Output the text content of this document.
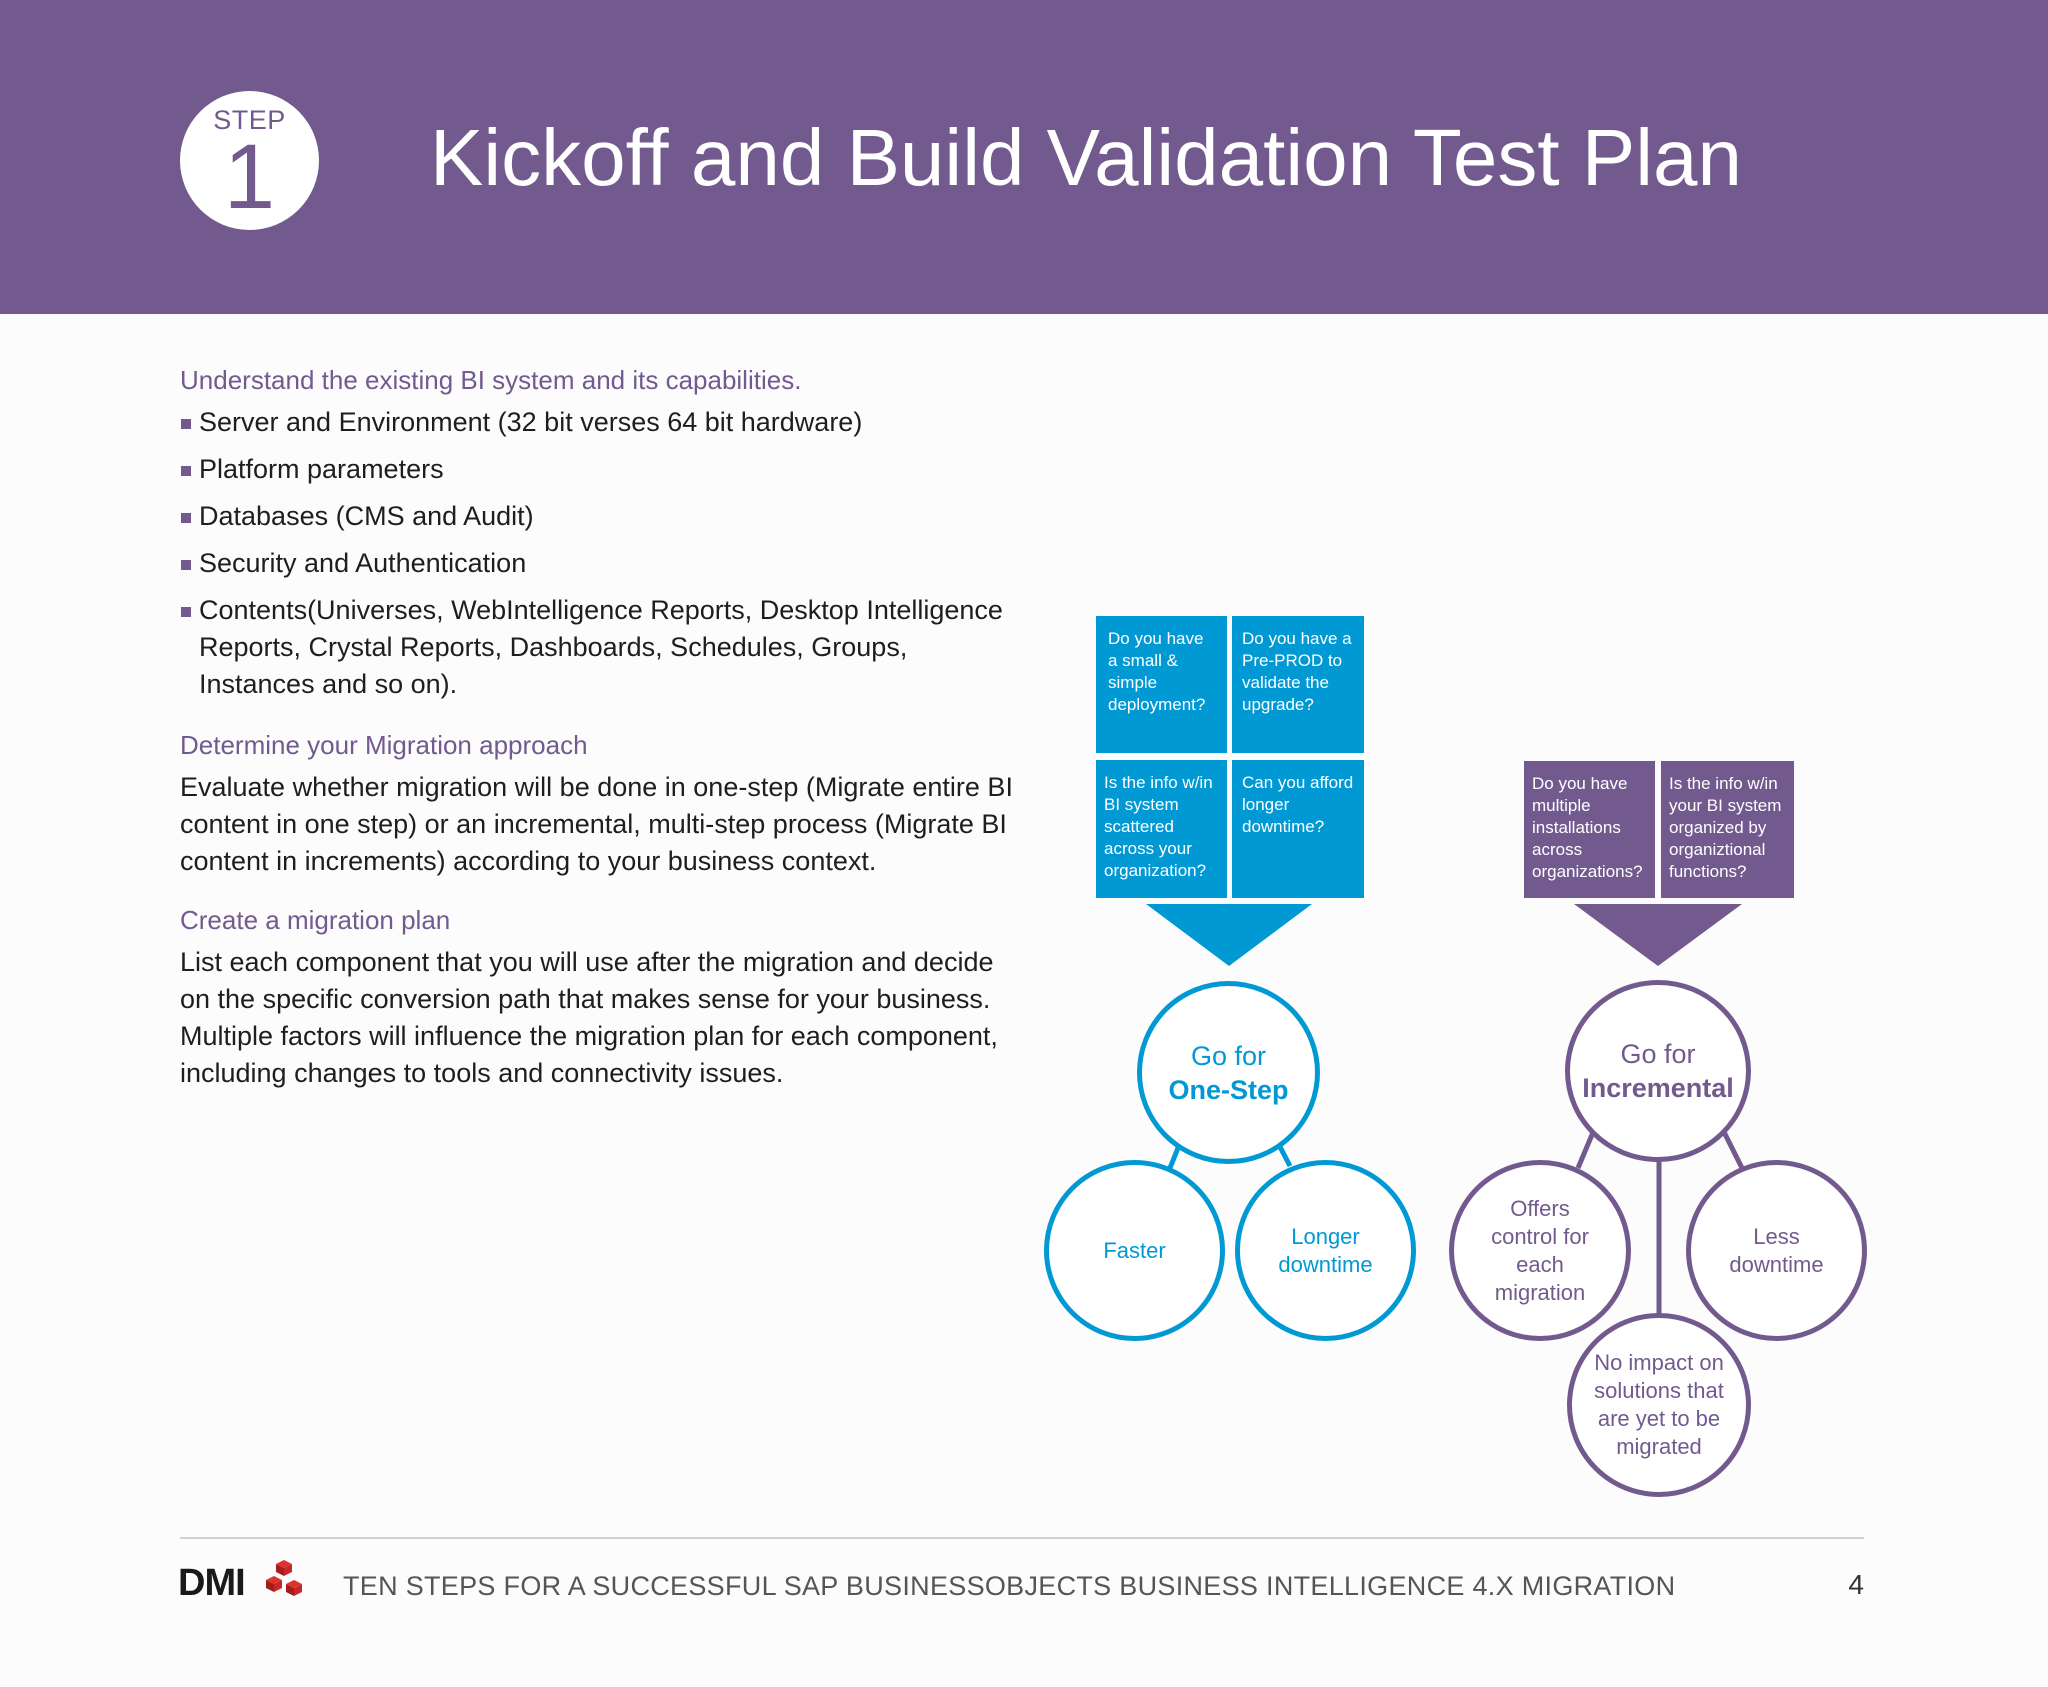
STEP
1	Kickoff and Build Validation Test Plan
Understand the existing BI system and its capabilities.
Server and Environment (32 bit verses 64 bit hardware)
Platform parameters
Databases (CMS and Audit)
Security and Authentication
Contents(Universes, WebIntelligence Reports, Desktop Intelligence Reports, Crystal Reports, Dashboards, Schedules, Groups, Instances and so on).
Determine your Migration approach
Evaluate whether migration will be done in one-step (Migrate entire BI content in one step) or an incremental, multi-step process (Migrate BI content in increments) according to your business context.
Create a migration plan
List each component that you will use after the migration and decide on the specific conversion path that makes sense for your business. Multiple factors will influence the migration plan for each component, including changes to tools and connectivity issues.
Do you have a small & simple deployment?
Do you have a Pre-PROD to validate the upgrade?
Is the info w/in BI system scattered across your organization?
Can you afford longer downtime?
Do you have multiple installations across organizations?
Is the info w/in your BI system organized by organiztional functions?
Go for
One-Step
Faster
Longer downtime
Go for
Incremental
Offers control for each migration
Less downtime
No impact on solutions that are yet to be migrated
DMI	TEN STEPS FOR A SUCCESSFUL SAP BUSINESSOBJECTS BUSINESS INTELLIGENCE 4.X MIGRATION	4
